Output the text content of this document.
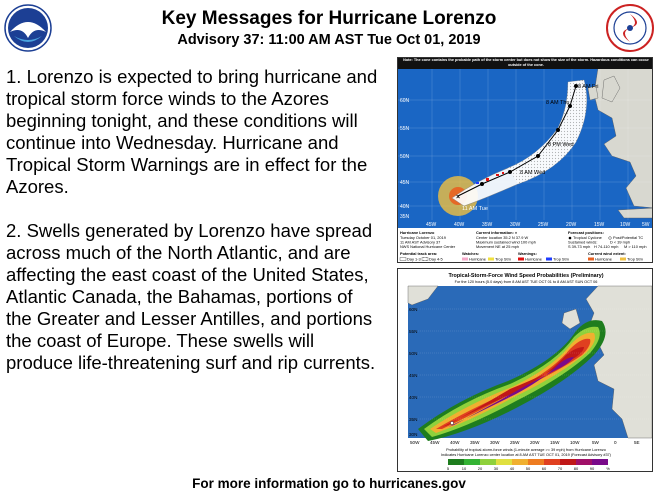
Key Messages for Hurricane Lorenzo
Advisory 37: 11:00 AM AST Tue Oct 01, 2019

1. Lorenzo is expected to bring hurricane and tropical storm force winds to the Azores beginning tonight, and these conditions will continue into Wednesday. Hurricane and Tropical Storm Warnings are in effect for the Azores.

2. Swells generated by Lorenzo have spread across much of the North Atlantic, and are affecting the east coast of the United States, Atlantic Canada, the Bahamas, portions of the Greater and Lesser Antilles, and portions the coast of Europe. These swells will produce life-threatening surf and rip currents.

×
8 AM Fri
8 AM Thu
8 PM Wed
8 AM Wed
11 AM Tue
60N
55N
50N
45N
40N
35N
Note: The cone contains the probable path of the storm center but does not show the size of the storm. Hazardous conditions can occur outside of the cone.
45W	40W	35W	30W	25W	20W	15W	10W 5W
Hurricane Lorenzo
Tuesday October 01, 2019
11 AM AST Advisory 37
NWS National Hurricane Center
Current information: ×
Center location 35.2 N 37.9 W
Maximum sustained wind 100 mph
Movement NE at 25 mph
Forecast positions:
Tropical Cyclone	Post/Potential TC
Sustained winds:	D < 39 mph
S 39-73 mph H 74-110 mph M > 110 mph
Potential track area:
Day 1-3 Day 4-5
Watches:
Hurricane Trop Stm
Warnings:
Hurricane	Trop Stm
Current wind extent:
Hurricane	Trop Stm
Tropical-Storm-Force Wind Speed Probabilities (Preliminary)
For the 120 hours (5.0 days) from 8 AM AST TUE OCT 01 to 8 AM AST SUN OCT 06
60N
55N
50N
45N
40N
35N
30N
50W 45W 40W 35W 30W 25W 20W 15W 10W	5W	0	5E
Probability of tropical-storm-force winds (1-minute average >= 39 mph) from Hurricane Lorenzo
Indicates Hurricane Lorenzo center location at 8 AM AST TUE OCT 01, 2019 (Forecast Advisory #37)
5	10	20	30	40	50	60	70	80	90	%
For more information go to hurricanes.gov
